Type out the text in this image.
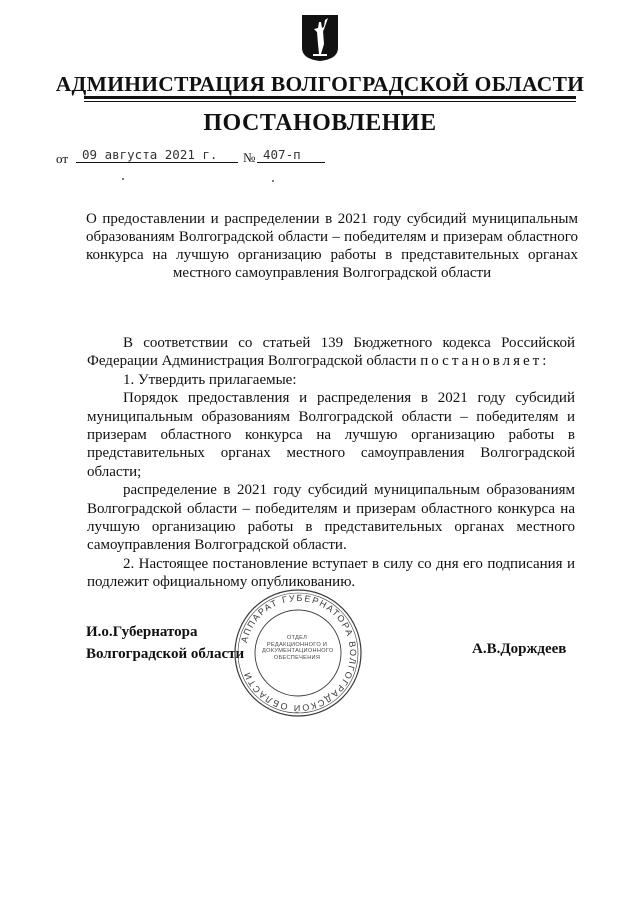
АДМИНИСТРАЦИЯ ВОЛГОГРАДСКОЙ ОБЛАСТИ
ПОСТАНОВЛЕНИЕ
от	09 августа 2021 г.	№ 407-п
О предоставлении и распределении в 2021 году субсидий муниципальным образованиям Волгоградской области – победителям и призерам областного конкурса на лучшую организацию работы в представительных органах местного самоуправления Волгоградской области

В соответствии со статьей 139 Бюджетного кодекса Российской Федерации Администрация Волгоградской области постановляет:

1. Утвердить прилагаемые:

Порядок предоставления и распределения в 2021 году субсидий муниципальным образованиям Волгоградской области – победителям и призерам областного конкурса на лучшую организацию работы в представительных органах местного самоуправления Волгоградской области;

распределение в 2021 году субсидий муниципальным образованиям Волгоградской области – победителям и призерам областного конкурса на лучшую организацию работы в представительных органах местного самоуправления Волгоградской области.

2. Настоящее постановление вступает в силу со дня его подписания и подлежит официальному опубликованию.

И.о.Губернатора
Волгоградской области	А.В.Дорждеев
АППАРАТ ГУБЕРНАТОРА ВОЛГОГРАДСКОЙ ОБЛАСТИ
ОТДЕЛ
РЕДАКЦИОННОГО И
ДОКУМЕНТАЦИОННОГО
ОБЕСПЕЧЕНИЯ
